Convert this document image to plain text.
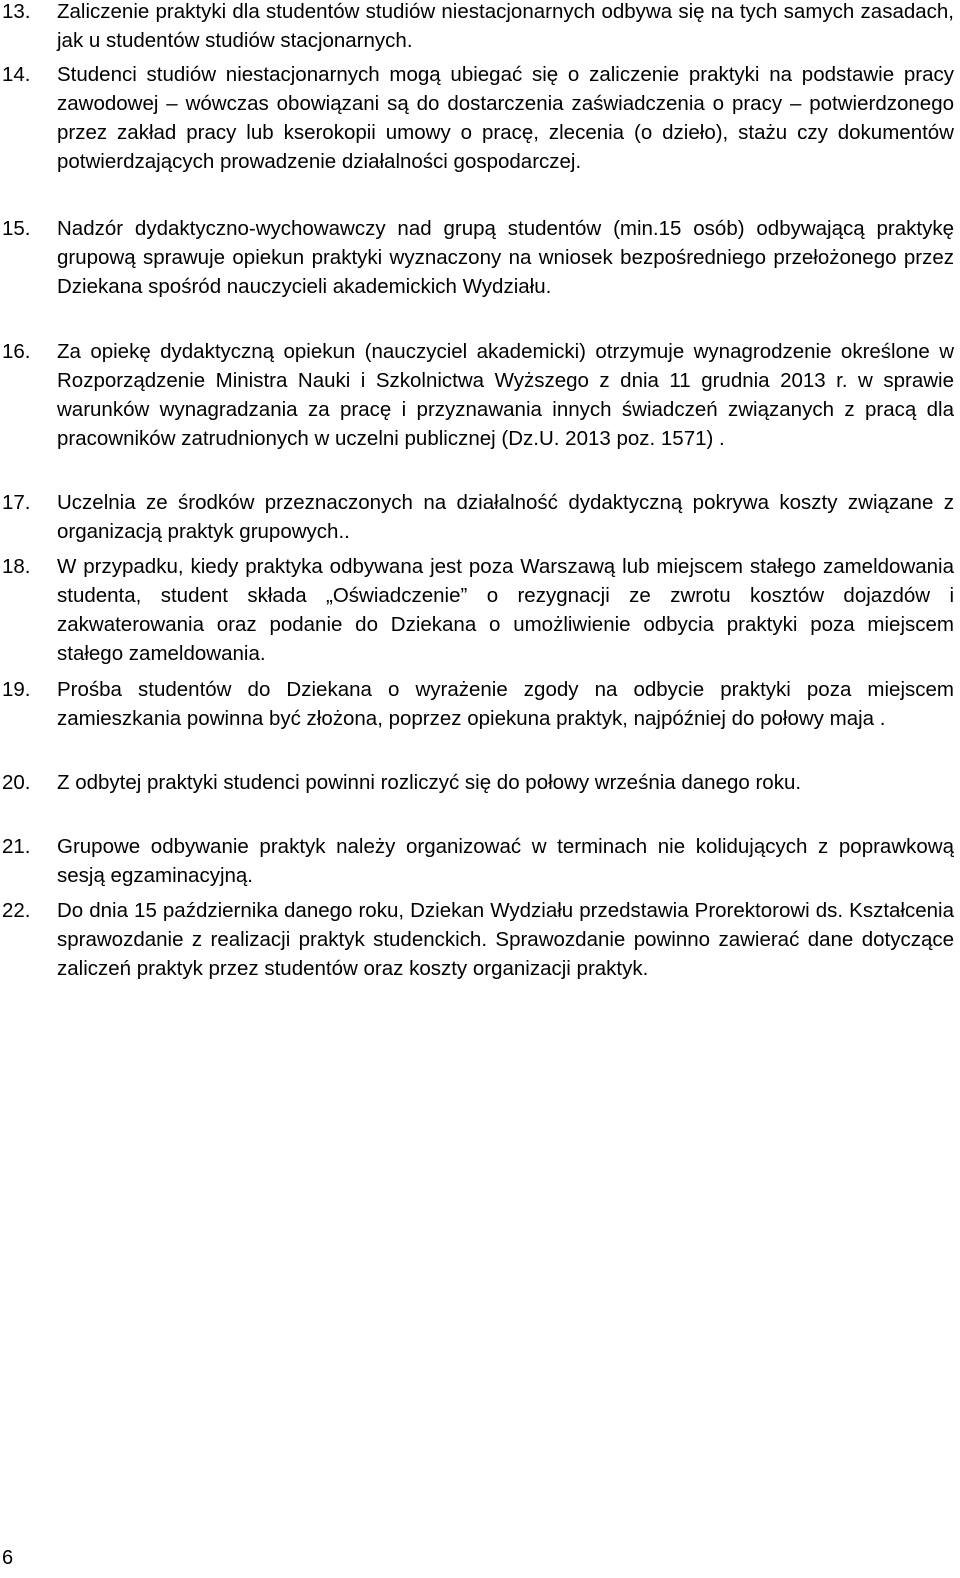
13. Zaliczenie praktyki dla studentów studiów niestacjonarnych odbywa się na tych samych zasadach, jak u studentów studiów stacjonarnych.
14. Studenci studiów niestacjonarnych mogą ubiegać się o zaliczenie praktyki na podstawie pracy zawodowej – wówczas obowiązani są do dostarczenia zaświadczenia o pracy – potwierdzonego przez zakład pracy lub kserokopii umowy o pracę, zlecenia (o dzieło), stażu czy dokumentów potwierdzających prowadzenie działalności gospodarczej.
15. Nadzór dydaktyczno-wychowawczy nad grupą studentów (min.15 osób) odbywającą praktykę grupową sprawuje opiekun praktyki wyznaczony na wniosek bezpośredniego przełożonego przez Dziekana spośród nauczycieli akademickich Wydziału.
16. Za opiekę dydaktyczną opiekun (nauczyciel akademicki) otrzymuje wynagrodzenie określone w Rozporządzenie Ministra Nauki i Szkolnictwa Wyższego z dnia 11 grudnia 2013 r. w sprawie warunków wynagradzania za pracę i przyznawania innych świadczeń związanych z pracą dla pracowników zatrudnionych w uczelni publicznej (Dz.U. 2013 poz. 1571) .
17. Uczelnia ze środków przeznaczonych na działalność dydaktyczną pokrywa koszty związane z organizacją praktyk grupowych..
18. W przypadku, kiedy praktyka odbywana jest poza Warszawą lub miejscem stałego zameldowania studenta, student składa „Oświadczenie” o rezygnacji ze zwrotu kosztów dojazdów i zakwaterowania oraz podanie do Dziekana o umożliwienie odbycia praktyki poza miejscem stałego zameldowania.
19. Prośba studentów do Dziekana o wyrażenie zgody na odbycie praktyki poza miejscem zamieszkania powinna być złożona, poprzez opiekuna praktyk, najpóźniej do połowy maja .
20. Z odbytej praktyki studenci powinni rozliczyć się do połowy września danego roku.
21. Grupowe odbywanie praktyk należy organizować w terminach nie kolidujących z poprawkową sesją egzaminacyjną.
22. Do dnia 15 października danego roku, Dziekan Wydziału przedstawia Prorektorowi ds. Kształcenia sprawozdanie z realizacji praktyk studenckich. Sprawozdanie powinno zawierać dane dotyczące zaliczeń praktyk przez studentów oraz koszty organizacji praktyk.
6
